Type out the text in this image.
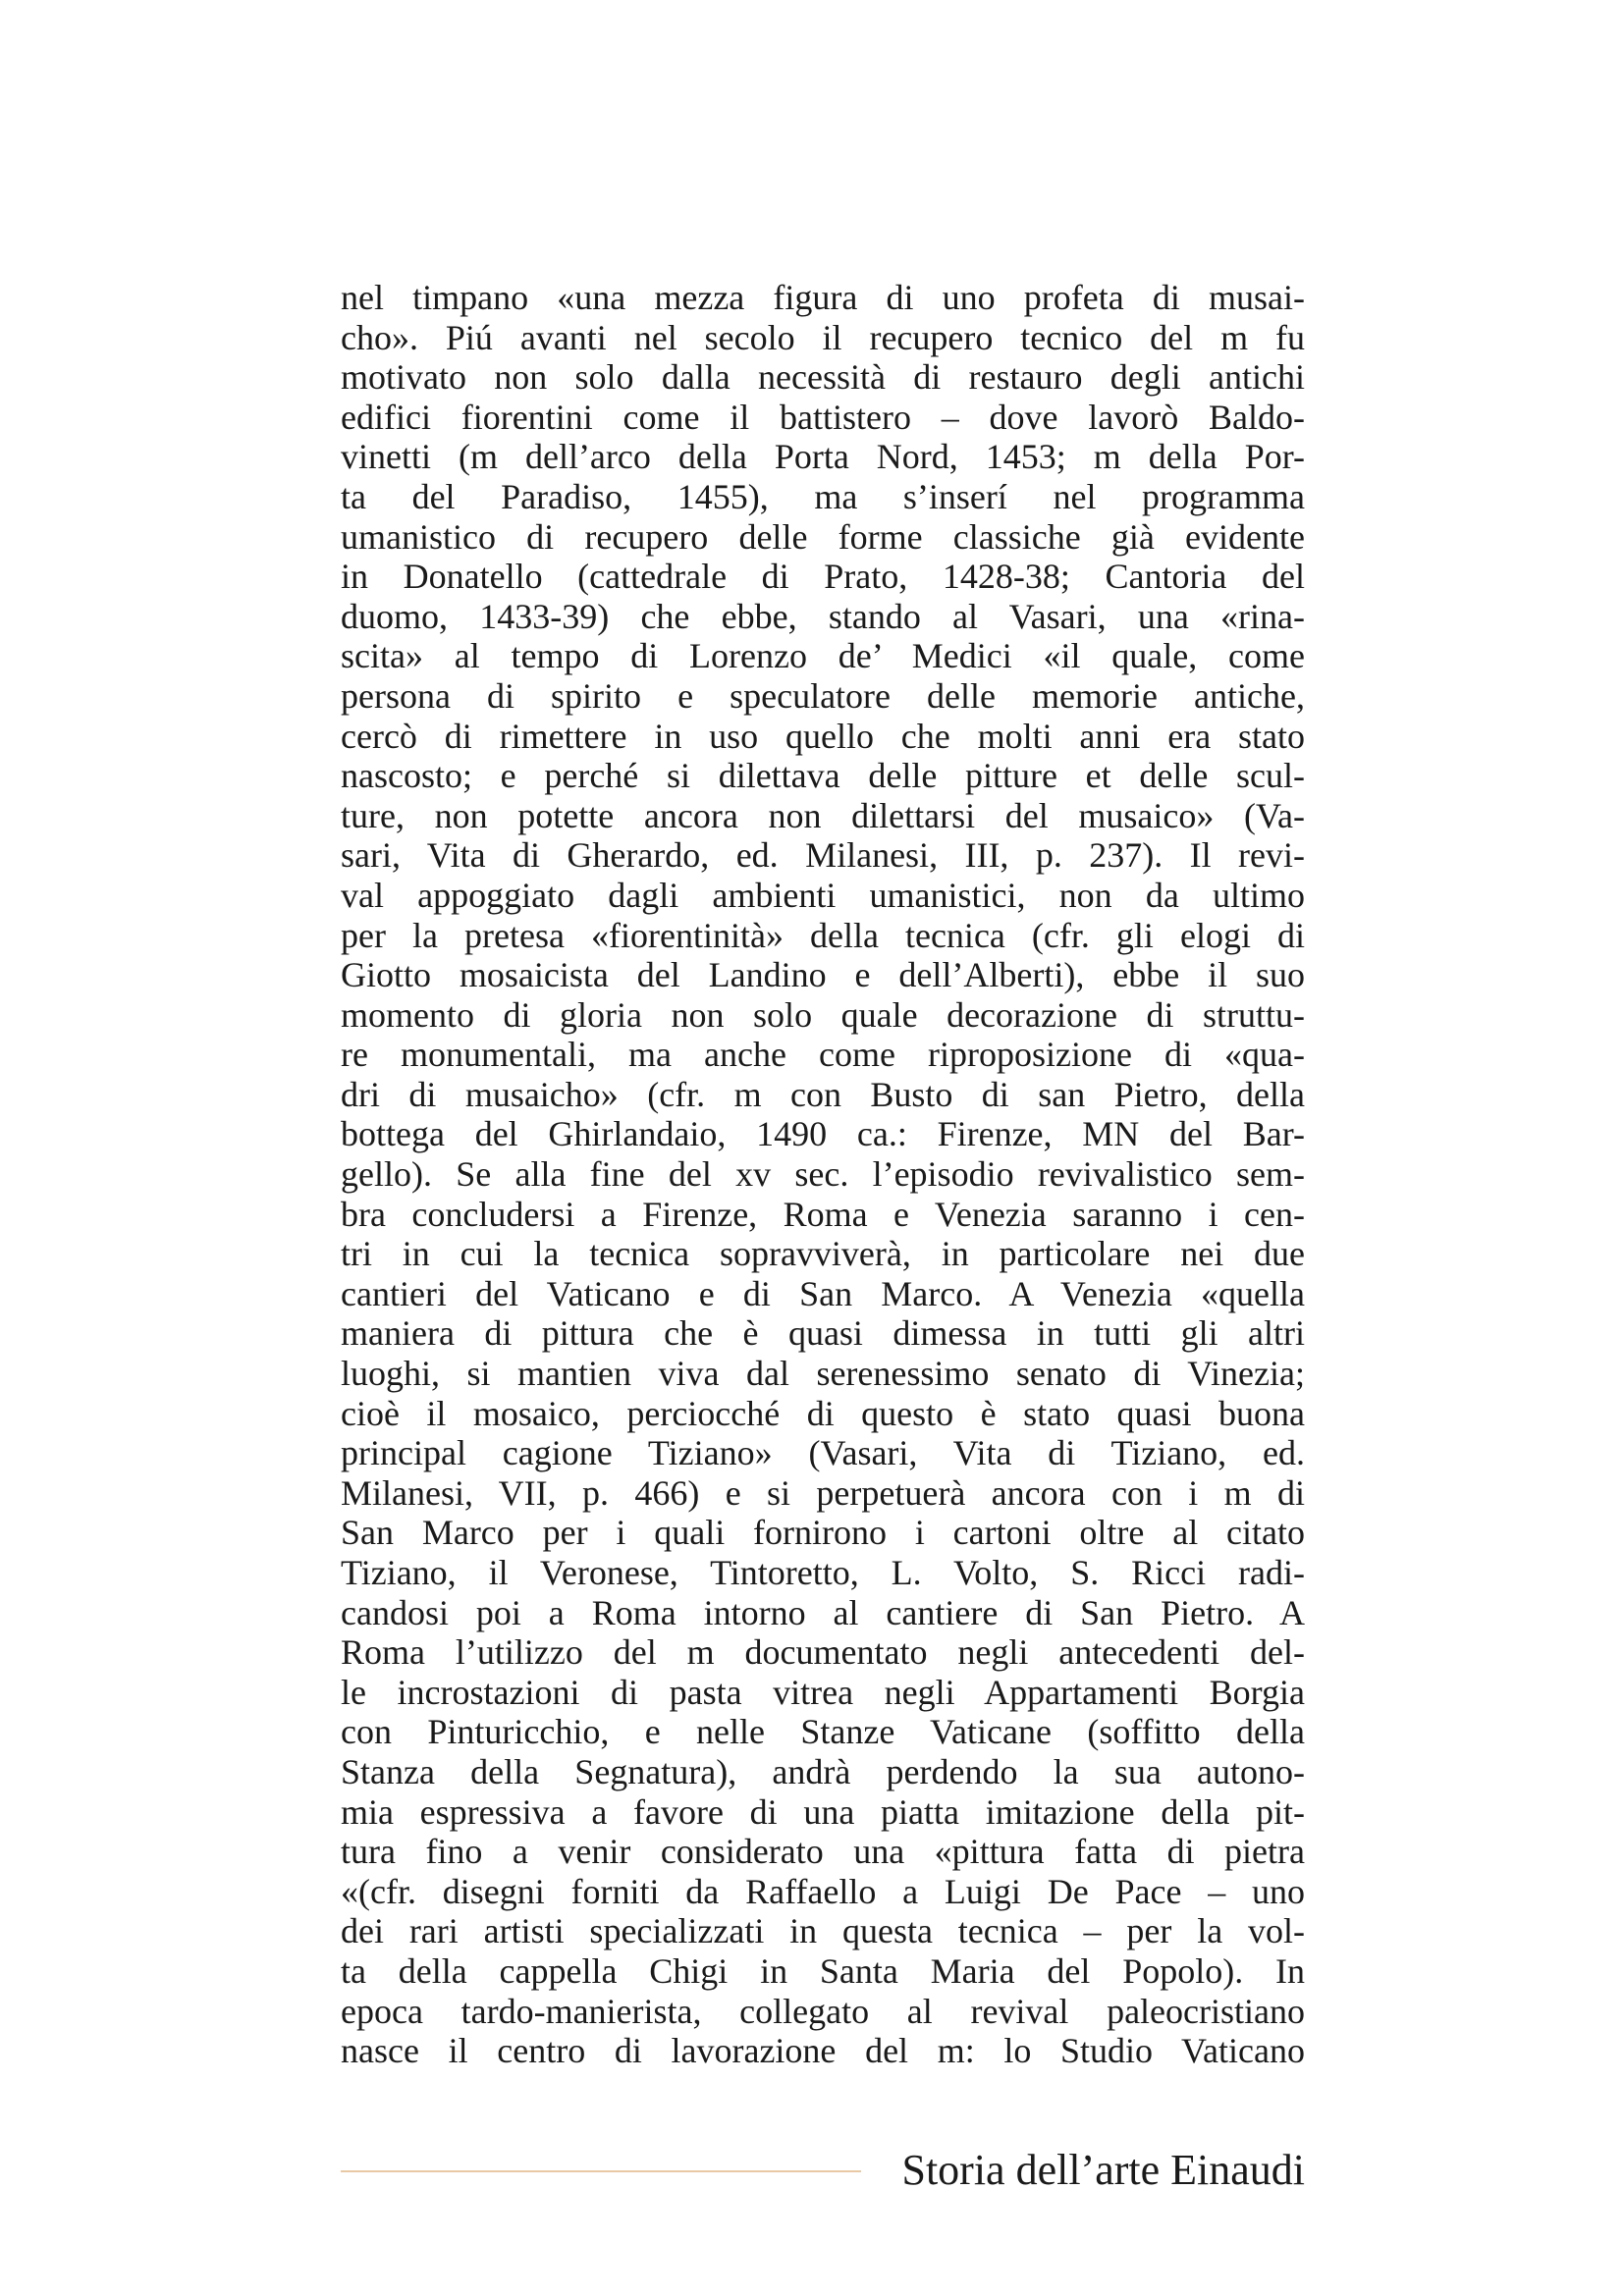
nel timpano «una mezza figura di uno profeta di musai-
cho». Piú avanti nel secolo il recupero tecnico del m fu
motivato non solo dalla necessità di restauro degli antichi
edifici fiorentini come il battistero – dove lavorò Baldo-
vinetti (m dell’arco della Porta Nord, 1453; m della Por-
ta del Paradiso, 1455), ma s’inserí nel programma
umanistico di recupero delle forme classiche già evidente
in Donatello (cattedrale di Prato, 1428-38; Cantoria del
duomo, 1433-39) che ebbe, stando al Vasari, una «rina-
scita» al tempo di Lorenzo de’ Medici «il quale, come
persona di spirito e speculatore delle memorie antiche,
cercò di rimettere in uso quello che molti anni era stato
nascosto; e perché si dilettava delle pitture et delle scul-
ture, non potette ancora non dilettarsi del musaico» (Va-
sari, Vita di Gherardo, ed. Milanesi, III, p. 237). Il revi-
val appoggiato dagli ambienti umanistici, non da ultimo
per la pretesa «fiorentinità» della tecnica (cfr. gli elogi di
Giotto mosaicista del Landino e dell’Alberti), ebbe il suo
momento di gloria non solo quale decorazione di struttu-
re monumentali, ma anche come riproposizione di «qua-
dri di musaicho» (cfr. m con Busto di san Pietro, della
bottega del Ghirlandaio, 1490 ca.: Firenze, MN del Bar-
gello). Se alla fine del xv sec. l’episodio revivalistico sem-
bra concludersi a Firenze, Roma e Venezia saranno i cen-
tri in cui la tecnica sopravviverà, in particolare nei due
cantieri del Vaticano e di San Marco. A Venezia «quella
maniera di pittura che è quasi dimessa in tutti gli altri
luoghi, si mantien viva dal serenessimo senato di Vinezia;
cioè il mosaico, perciocché di questo è stato quasi buona
principal cagione Tiziano» (Vasari, Vita di Tiziano, ed.
Milanesi, VII, p. 466) e si perpetuerà ancora con i m di
San Marco per i quali fornirono i cartoni oltre al citato
Tiziano, il Veronese, Tintoretto, L. Volto, S. Ricci radi-
candosi poi a Roma intorno al cantiere di San Pietro. A
Roma l’utilizzo del m documentato negli antecedenti del-
le incrostazioni di pasta vitrea negli Appartamenti Borgia
con Pinturicchio, e nelle Stanze Vaticane (soffitto della
Stanza della Segnatura), andrà perdendo la sua autono-
mia espressiva a favore di una piatta imitazione della pit-
tura fino a venir considerato una «pittura fatta di pietra
«(cfr. disegni forniti da Raffaello a Luigi De Pace – uno
dei rari artisti specializzati in questa tecnica – per la vol-
ta della cappella Chigi in Santa Maria del Popolo). In
epoca tardo-manierista, collegato al revival paleocristiano
nasce il centro di lavorazione del m: lo Studio Vaticano
Storia dell’arte Einaudi
